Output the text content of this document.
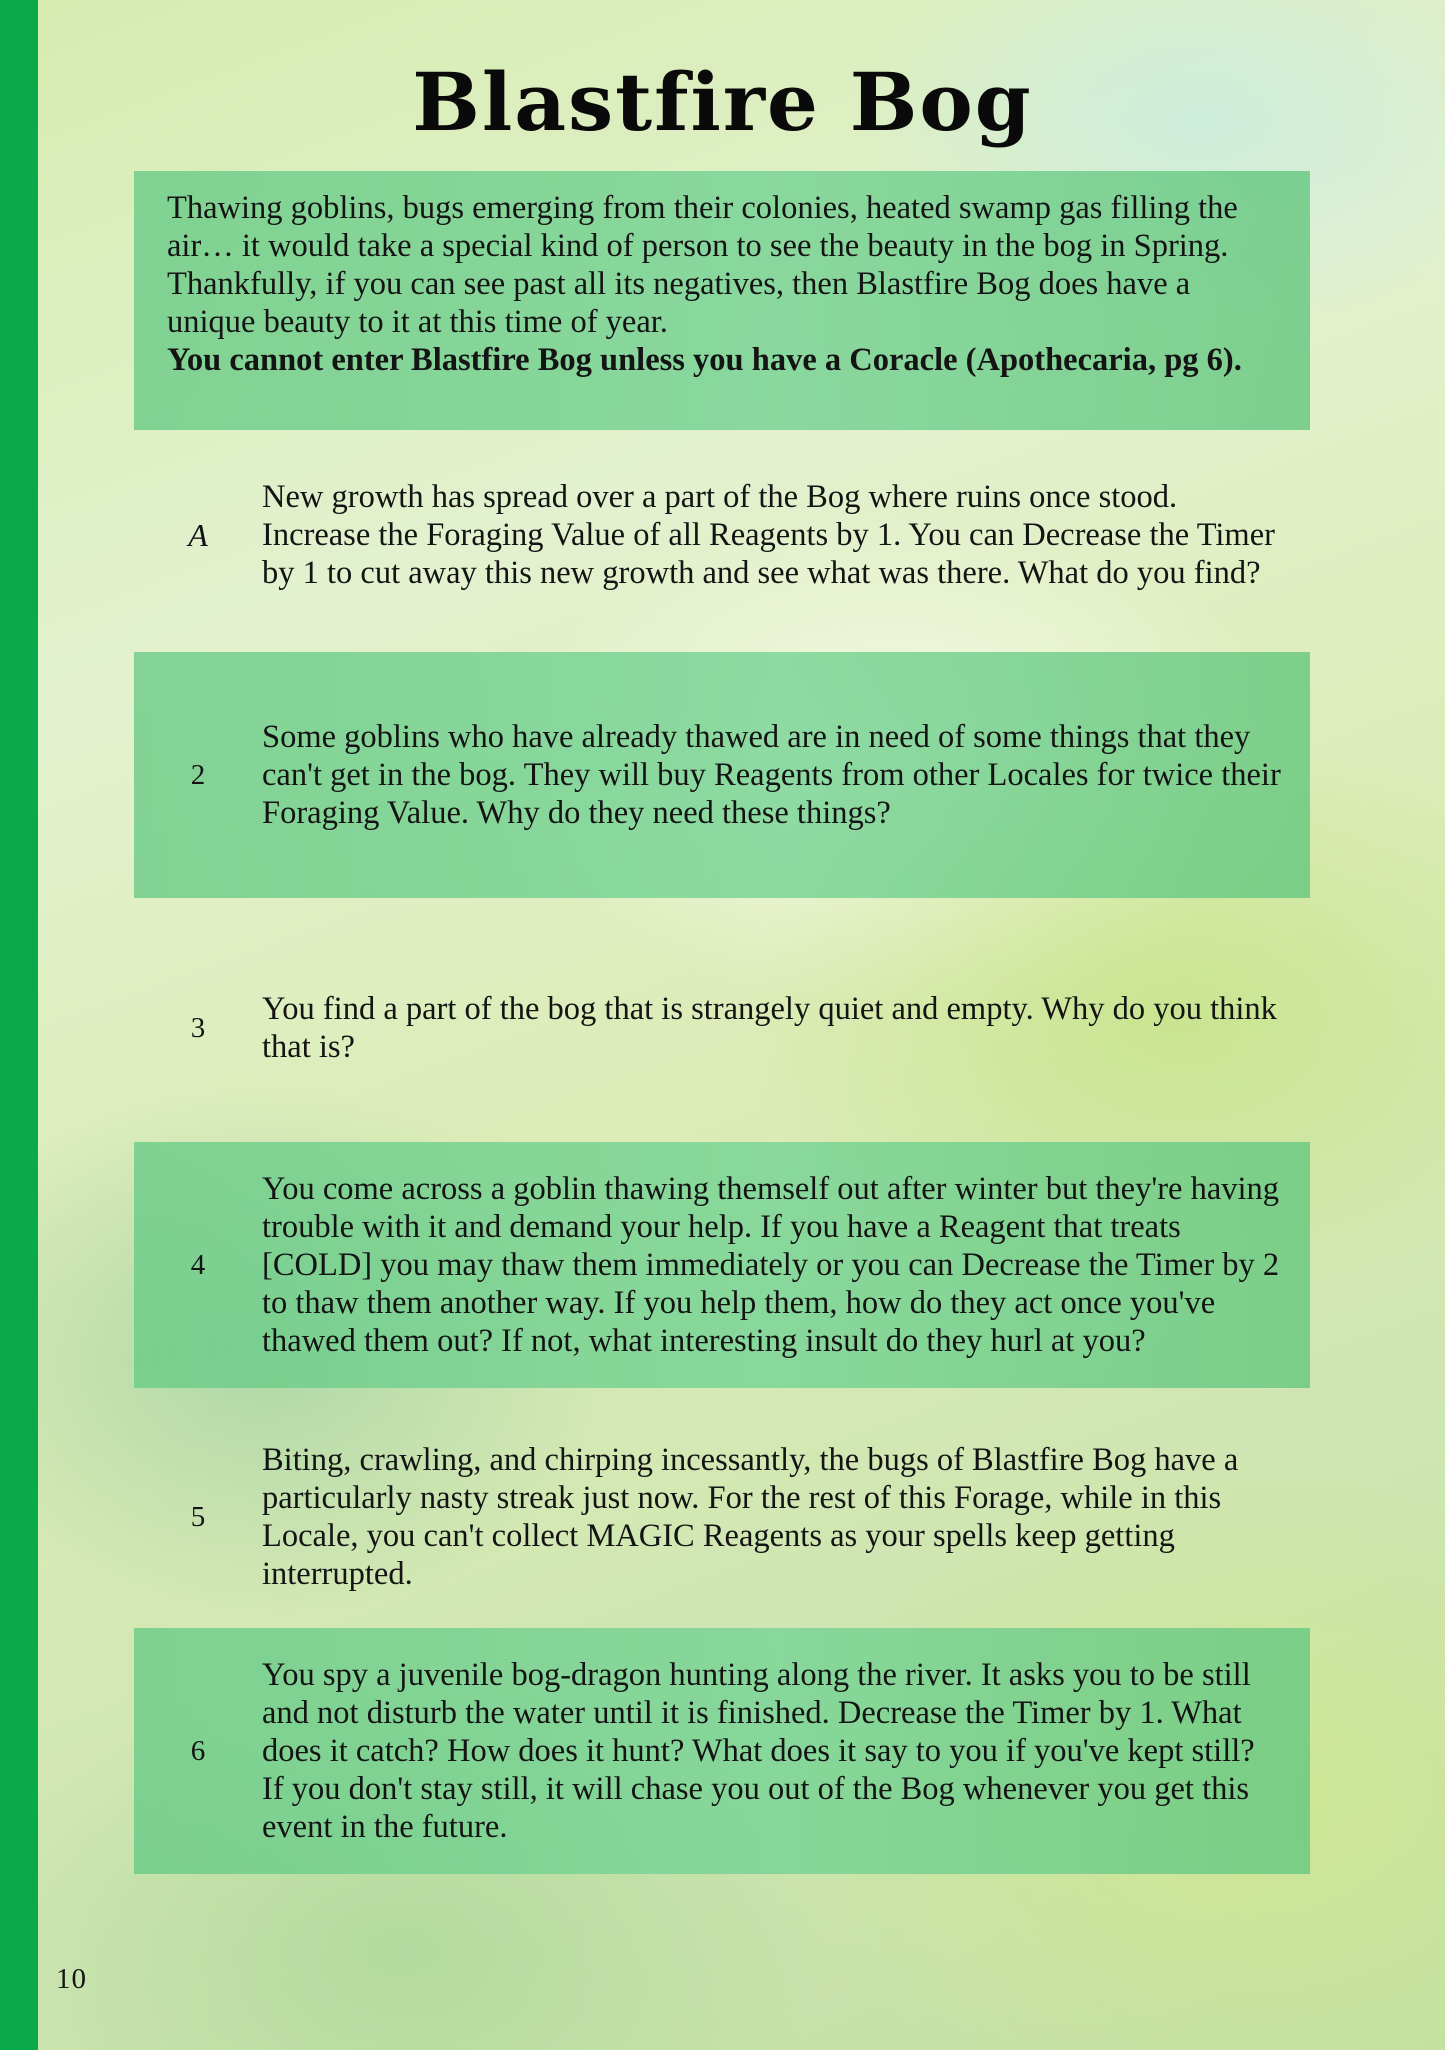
Blastfire Bog

Thawing goblins, bugs emerging from their colonies, heated swamp gas filling the air… it would take a special kind of person to see the beauty in the bog in Spring. Thankfully, if you can see past all its negatives, then Blastfire Bog does have a unique beauty to it at this time of year.

You cannot enter Blastfire Bog unless you have a Coracle (Apothecaria, pg 6).

A
New growth has spread over a part of the Bog where ruins once stood. Increase the Foraging Value of all Reagents by 1. You can Decrease the Timer by 1 to cut away this new growth and see what was there. What do you find?
2
Some goblins who have already thawed are in need of some things that they can't get in the bog. They will buy Reagents from other Locales for twice their Foraging Value. Why do they need these things?
3
You find a part of the bog that is strangely quiet and empty. Why do you think that is?
4
You come across a goblin thawing themself out after winter but they're having trouble with it and demand your help. If you have a Reagent that treats [COLD] you may thaw them immediately or you can Decrease the Timer by 2 to thaw them another way. If you help them, how do they act once you've thawed them out? If not, what interesting insult do they hurl at you?
5
Biting, crawling, and chirping incessantly, the bugs of Blastfire Bog have a particularly nasty streak just now. For the rest of this Forage, while in this Locale, you can't collect MAGIC Reagents as your spells keep getting interrupted.
6
You spy a juvenile bog-dragon hunting along the river. It asks you to be still and not disturb the water until it is finished. Decrease the Timer by 1. What does it catch? How does it hunt? What does it say to you if you've kept still? If you don't stay still, it will chase you out of the Bog whenever you get this event in the future.
10
